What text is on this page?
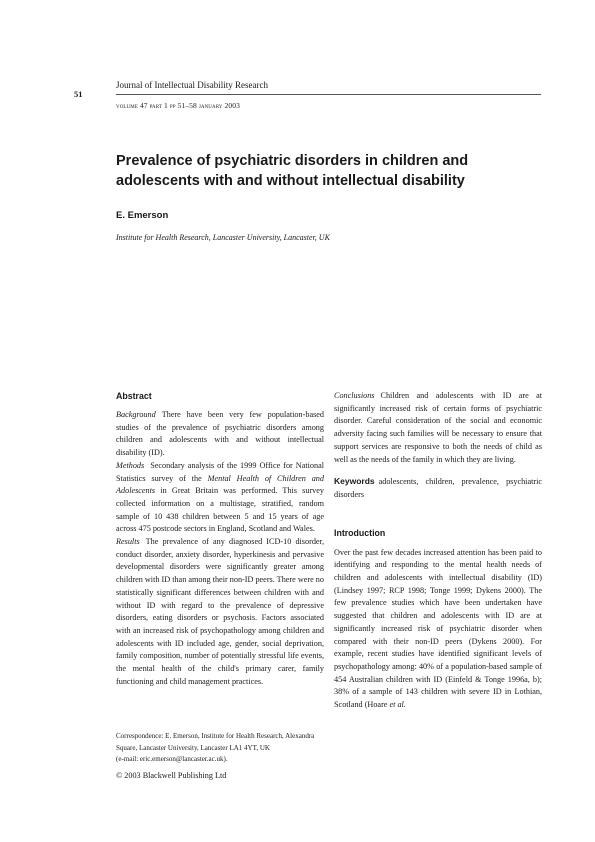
51
Journal of Intellectual Disability Research
volume 47 part 1 pp 51–58 january 2003
Prevalence of psychiatric disorders in children and adolescents with and without intellectual disability
E. Emerson
Institute for Health Research, Lancaster University, Lancaster, UK
Abstract

Background There have been very few population-based studies of the prevalence of psychiatric disorders among children and adolescents with and without intellectual disability (ID).

Methods Secondary analysis of the 1999 Office for National Statistics survey of the Mental Health of Children and Adolescents in Great Britain was performed. This survey collected information on a multistage, stratified, random sample of 10 438 children between 5 and 15 years of age across 475 postcode sectors in England, Scotland and Wales.

Results The prevalence of any diagnosed ICD-10 disorder, conduct disorder, anxiety disorder, hyperkinesis and pervasive developmental disorders were significantly greater among children with ID than among their non-ID peers. There were no statistically significant differences between children with and without ID with regard to the prevalence of depressive disorders, eating disorders or psychosis. Factors associated with an increased risk of psychopathology among children and adolescents with ID included age, gender, social deprivation, family composition, number of potentially stressful life events, the mental health of the child's primary carer, family functioning and child management practices.

Conclusions Children and adolescents with ID are at significantly increased risk of certain forms of psychiatric disorder. Careful consideration of the social and economic adversity facing such families will be necessary to ensure that support services are responsive to both the needs of child as well as the needs of the family in which they are living.

Keywords adolescents, children, prevalence, psychiatric disorders

Introduction

Over the past few decades increased attention has been paid to identifying and responding to the mental health needs of children and adolescents with intellectual disability (ID) (Lindsey 1997; RCP 1998; Tonge 1999; Dykens 2000). The few prevalence studies which have been undertaken have suggested that children and adolescents with ID are at significantly increased risk of psychiatric disorder when compared with their non-ID peers (Dykens 2000). For example, recent studies have identified significant levels of psychopathology among: 40% of a population-based sample of 454 Australian children with ID (Einfeld & Tonge 1996a, b); 38% of a sample of 143 children with severe ID in Lothian, Scotland (Hoare et al.

Correspondence: E. Emerson, Institute for Health Research, Alexandra Square, Lancaster University, Lancaster LA1 4YT, UK
(e-mail: eric.emerson@lancaster.ac.uk).
© 2003 Blackwell Publishing Ltd
